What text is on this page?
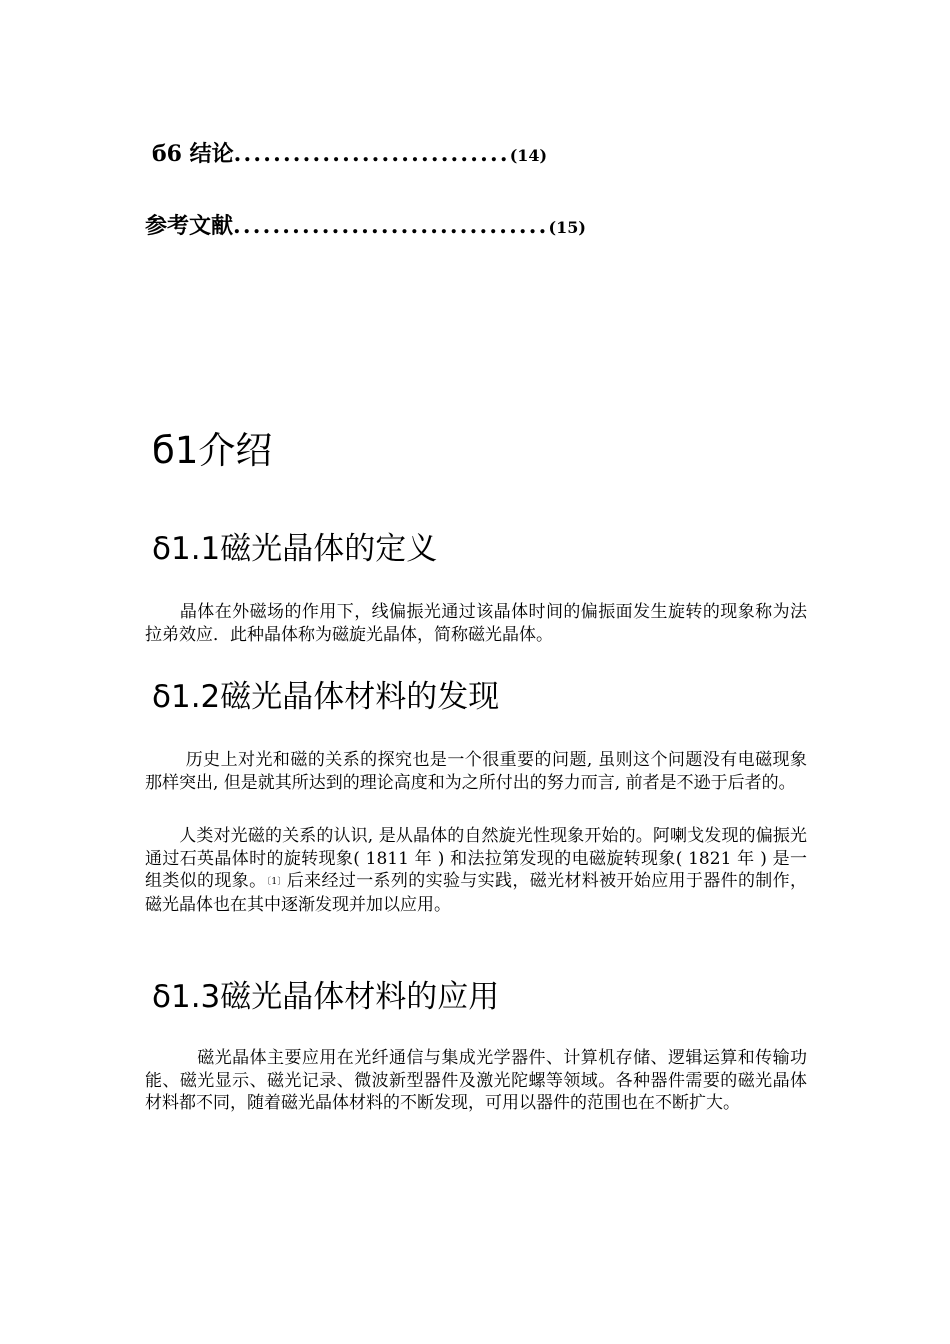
б6 结论............................(14)
参考文献................................(15)
б1介绍
δ1.1磁光晶体的定义
　　晶体在外磁场的作用下，线偏振光通过该晶体时间的偏振面发生旋转的现象称为法拉弟效应．此种晶体称为磁旋光晶体，简称磁光晶体。
δ1.2磁光晶体材料的发现
　　 历史上对光和磁的关系的探究也是一个很重要的问题, 虽则这个问题没有电磁现象那样突出, 但是就其所达到的理论高度和为之所付出的努力而言, 前者是不逊于后者的。
　　人类对光磁的关系的认识, 是从晶体的自然旋光性现象开始的。阿喇戈发现的偏振光通过石英晶体时的旋转现象( 1811 年 ) 和法拉第发现的电磁旋转现象( 1821 年 ) 是一组类似的现象。〔1〕后来经过一系列的实验与实践，磁光材料被开始应用于器件的制作，磁光晶体也在其中逐渐发现并加以应用。
δ1.3磁光晶体材料的应用
　　　磁光晶体主要应用在光纤通信与集成光学器件、计算机存储、逻辑运算和传输功能、磁光显示、磁光记录、微波新型器件及激光陀螺等领域。各种器件需要的磁光晶体材料都不同，随着磁光晶体材料的不断发现，可用以器件的范围也在不断扩大。
